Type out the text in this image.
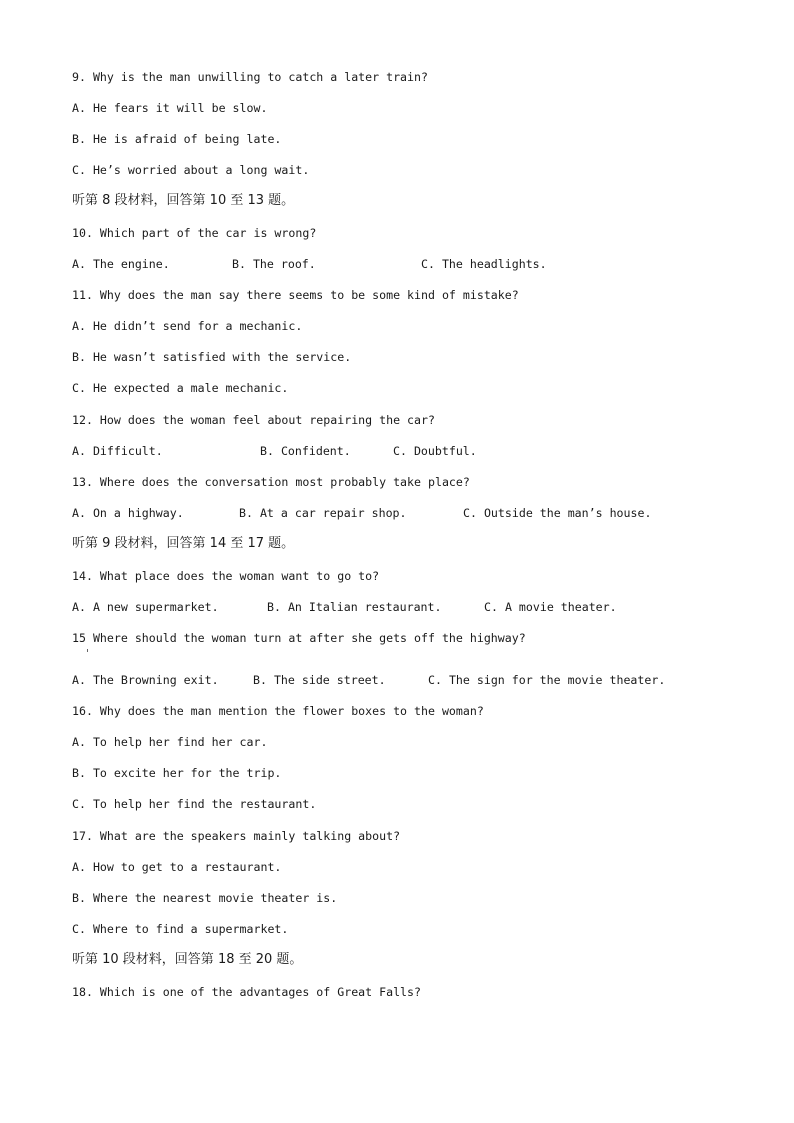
9. Why is the man unwilling to catch a later train?
A. He fears it will be slow.
B. He is afraid of being late.
C. He’s worried about a long wait.
听第 8 段材料，回答第 10 至 13 题。
10. Which part of the car is wrong?

A. The engine.

	B. The roof.

	C. The headlights.

11. Why does the man say there seems to be some kind of mistake?
A. He didn’t send for a mechanic.
B. He wasn’t satisfied with the service.
C. He expected a male mechanic.
12. How does the woman feel about repairing the car?

A. Difficult.

	B. Confident.

	C. Doubtful.

13. Where does the conversation most probably take place?

A. On a highway.

	B. At a car repair shop.

	C. Outside the man’s house.

听第 9 段材料，回答第 14 至 17 题。
14. What place does the woman want to go to?

A. A new supermarket.

	B. An Italian restaurant.

	C. A movie theater.

15 Where should the woman turn at after she gets off the highway?

A. The Browning exit.

	B. The side street.

	C. The sign for the movie theater.

16. Why does the man mention the flower boxes to the woman?
A. To help her find her car.
B. To excite her for the trip.
C. To help her find the restaurant.
17. What are the speakers mainly talking about?
A. How to get to a restaurant.
B. Where the nearest movie theater is.
C. Where to find a supermarket.
听第 10 段材料，回答第 18 至 20 题。
18. Which is one of the advantages of Great Falls?
